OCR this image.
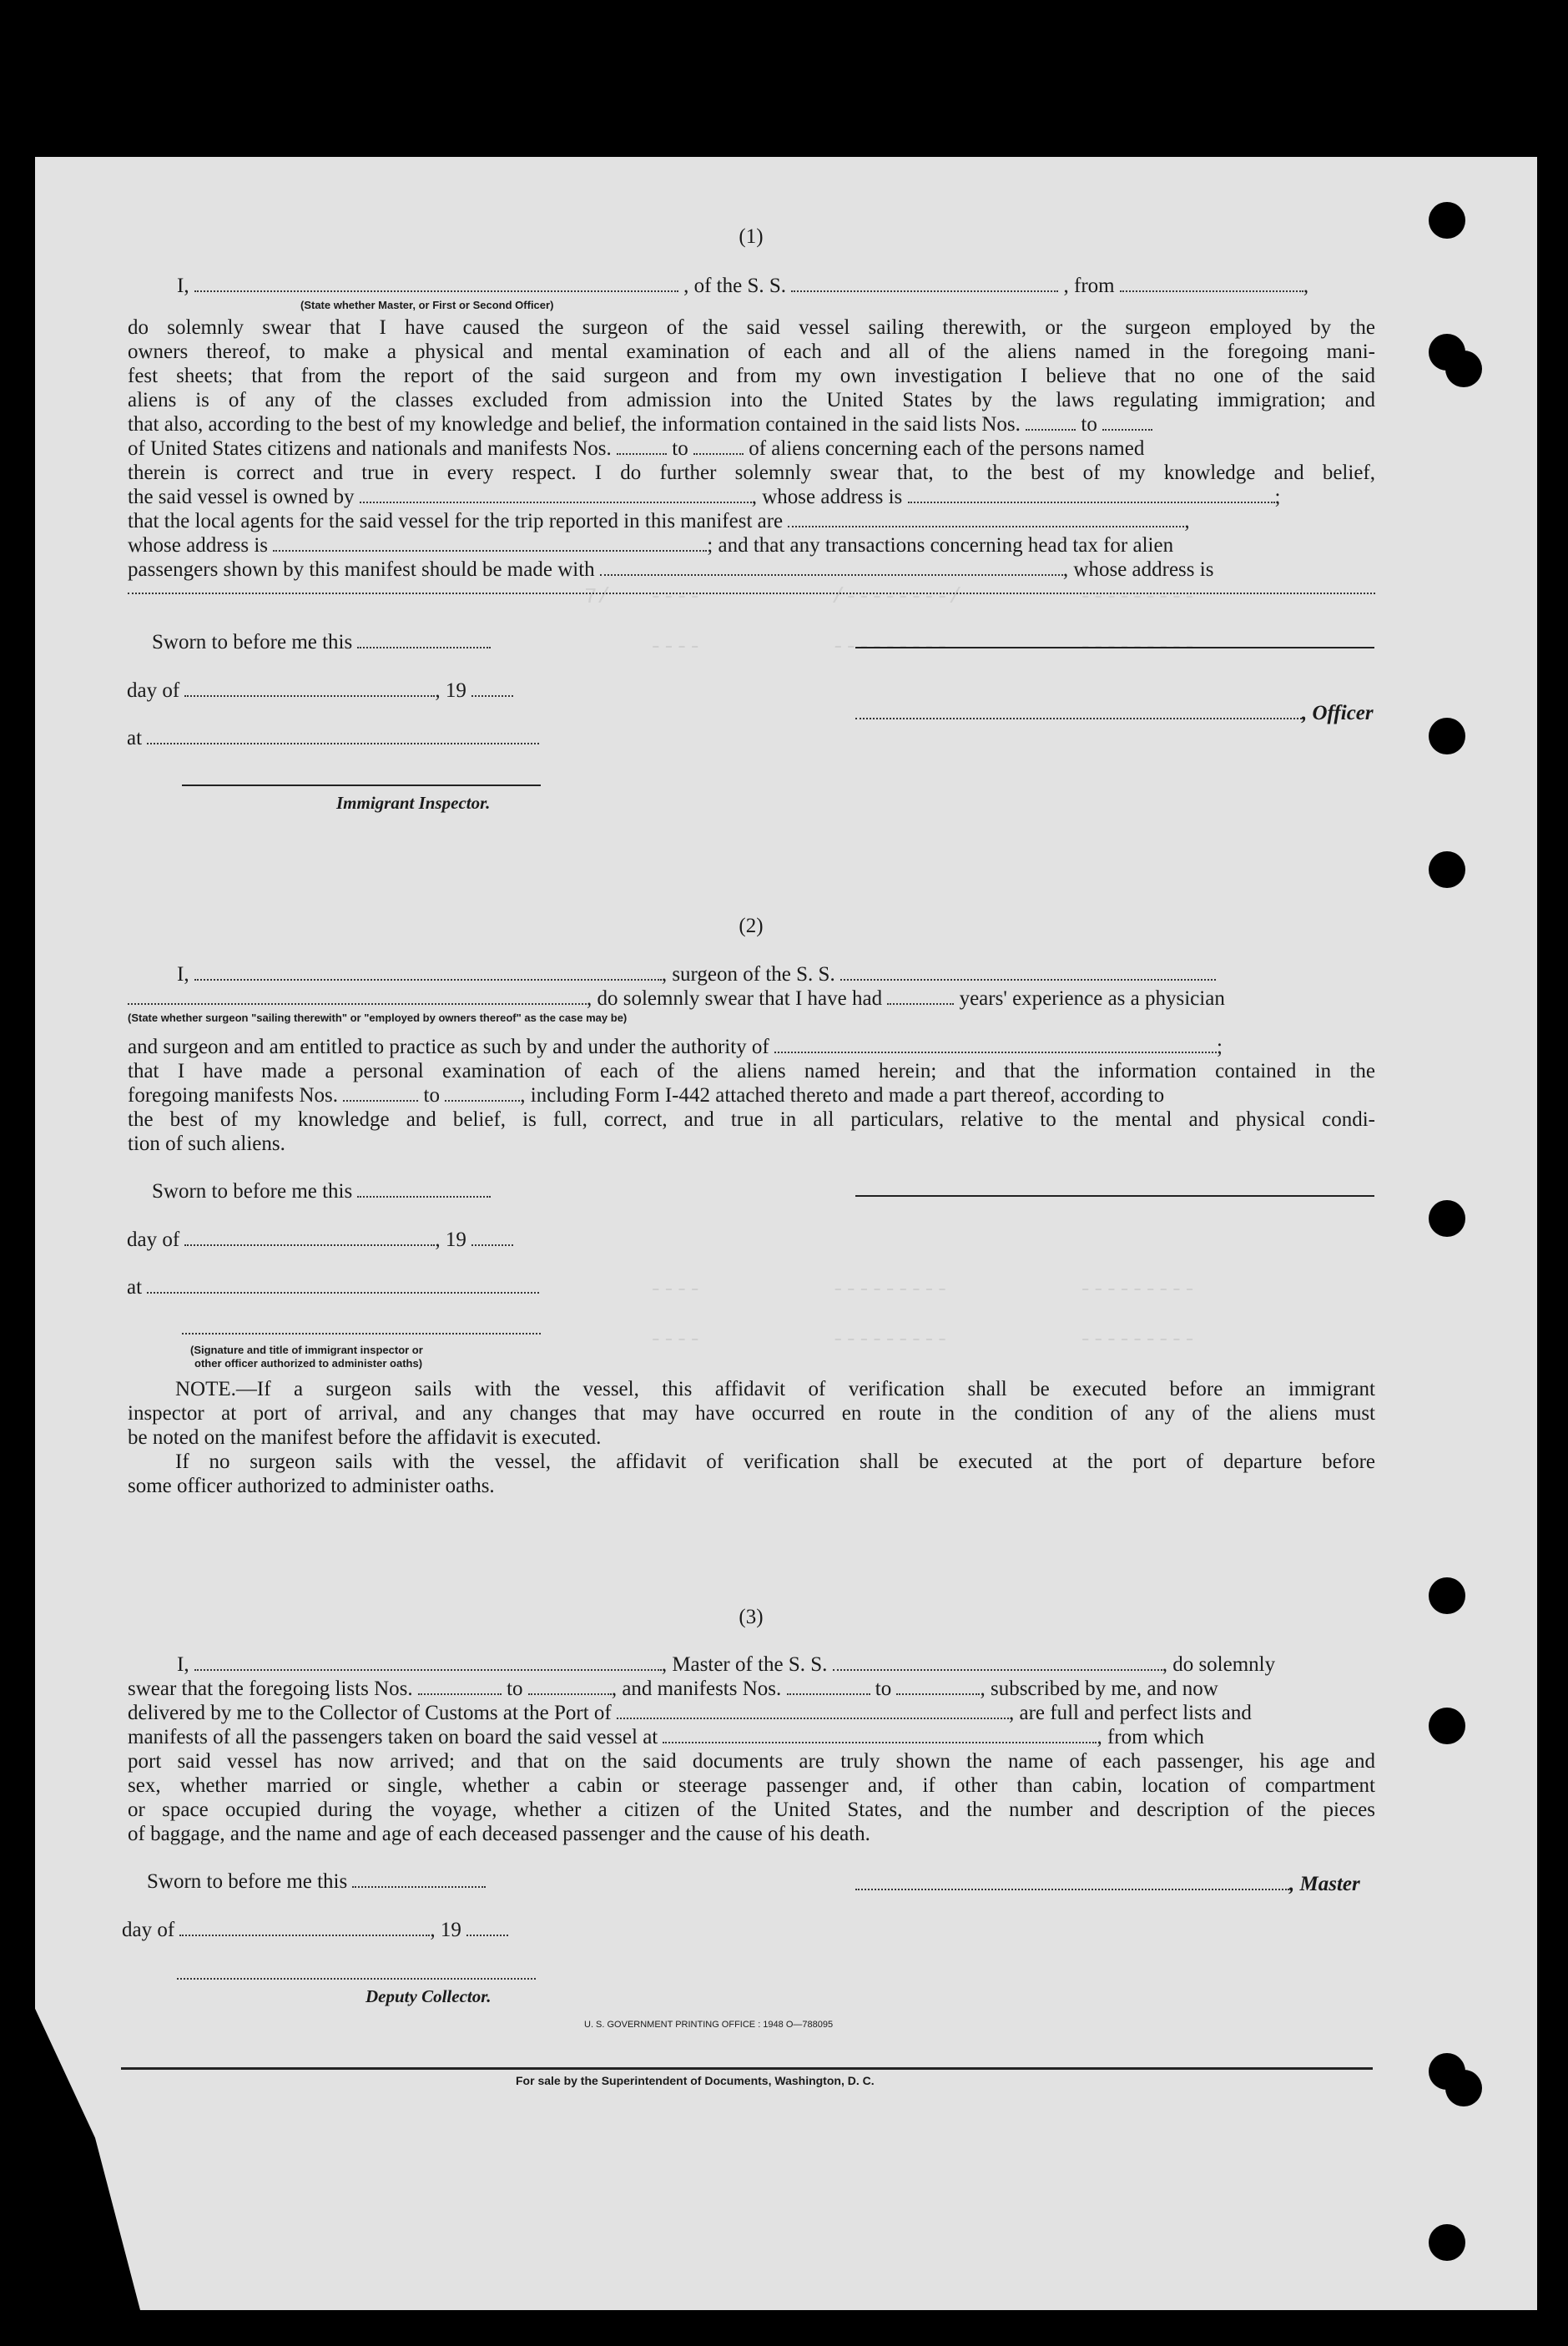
7/   ----          /--------/         ---------
----          ---------          ---------
----          ---------          ---------
----          ---------          ---------
(1)
I,	, of the S. S.	, from	,
(State whether Master, or First or Second Officer)
do solemnly swear that I have caused the surgeon of the said vessel sailing therewith, or the surgeon employed by the
owners thereof, to make a physical and mental examination of each and all of the aliens named in the foregoing mani-
fest sheets; that from the report of the said surgeon and from my own investigation I believe that no one of the said
aliens is of any of the classes excluded from admission into the United States by the laws regulating immigration; and
that also, according to the best of my knowledge and belief, the information contained in the said lists Nos.	to
of United States citizens and nationals and manifests Nos.	to	of aliens concerning each of the persons named
therein is correct and true in every respect. I do further solemnly swear that, to the best of my knowledge and belief,
the said vessel is owned by	, whose address is	;
that the local agents for the said vessel for the trip reported in this manifest are	,
whose address is	; and that any transactions concerning head tax for alien
passengers shown by this manifest should be made with	, whose address is
Sworn to before me this
day of	, 19
at
Immigrant Inspector.
, Officer
(2)
I,	, surgeon of the S. S.
, do solemnly swear that I have had	years' experience as a physician
(State whether surgeon "sailing therewith" or "employed by owners thereof" as the case may be)
and surgeon and am entitled to practice as such by and under the authority of	;
that I have made a personal examination of each of the aliens named herein; and that the information contained in the
foregoing manifests Nos.	to	, including Form I-442 attached thereto and made a part thereof, according to
the best of my knowledge and belief, is full, correct, and true in all particulars, relative to the mental and physical condi-
tion of such aliens.
Sworn to before me this
day of	, 19
at
(Signature and title of immigrant inspector or
other officer authorized to administer oaths)
NOTE.—If a surgeon sails with the vessel, this affidavit of verification shall be executed before an immigrant
inspector at port of arrival, and any changes that may have occurred en route in the condition of any of the aliens must
be noted on the manifest before the affidavit is executed.
If no surgeon sails with the vessel, the affidavit of verification shall be executed at the port of departure before
some officer authorized to administer oaths.
(3)
I,	, Master of the S. S.	, do solemnly
swear that the foregoing lists Nos.	to	, and manifests Nos.	to	, subscribed by me, and now
delivered by me to the Collector of Customs at the Port of	, are full and perfect lists and
manifests of all the passengers taken on board the said vessel at	, from which
port said vessel has now arrived; and that on the said documents are truly shown the name of each passenger, his age and
sex, whether married or single, whether a cabin or steerage passenger and, if other than cabin, location of compartment
or space occupied during the voyage, whether a citizen of the United States, and the number and description of the pieces
of baggage, and the name and age of each deceased passenger and the cause of his death.
Sworn to before me this	, Master
day of	, 19
Deputy Collector.
U. S. GOVERNMENT PRINTING OFFICE : 1948 O—788095
For sale by the Superintendent of Documents, Washington, D. C.
